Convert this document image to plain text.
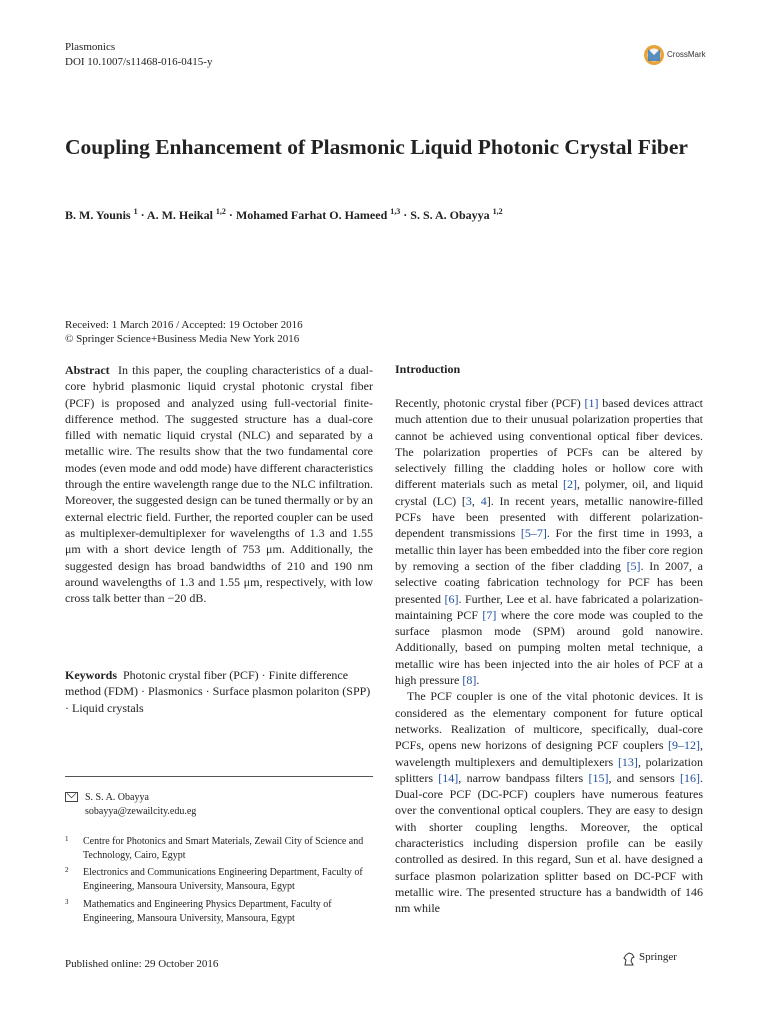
Plasmonics
DOI 10.1007/s11468-016-0415-y
CrossMark
Coupling Enhancement of Plasmonic Liquid Photonic Crystal Fiber
B. M. Younis $^1$ · A. M. Heikal $^{1,2}$ · Mohamed Farhat O. Hameed $^{1,3}$ · S. S. A. Obayya $^{1,2}$
Received: 1 March 2016 / Accepted: 19 October 2016
© Springer Science+Business Media New York 2016
Abstract In this paper, the coupling characteristics of a dual-core hybrid plasmonic liquid crystal photonic crystal fiber (PCF) is proposed and analyzed using full-vectorial finite-difference method. The suggested structure has a dual-core filled with nematic liquid crystal (NLC) and separated by a metallic wire. The results show that the two fundamental core modes (even mode and odd mode) have different characteristics through the entire wavelength range due to the NLC infiltration. Moreover, the suggested design can be tuned thermally or by an external electric field. Further, the reported coupler can be used as multiplexer-demultiplexer for wavelengths of 1.3 and 1.55 μm with a short device length of 753 μm. Additionally, the suggested design has broad bandwidths of 210 and 190 nm around wavelengths of 1.3 and 1.55 μm, respectively, with low cross talk better than −20 dB.
Keywords Photonic crystal fiber (PCF) · Finite difference method (FDM) · Plasmonics · Surface plasmon polariton (SPP) · Liquid crystals
S. S. A. Obayya
sobayya@zewailcity.edu.eg
1 Centre for Photonics and Smart Materials, Zewail City of Science and Technology, Cairo, Egypt
2 Electronics and Communications Engineering Department, Faculty of Engineering, Mansoura University, Mansoura, Egypt
3 Mathematics and Engineering Physics Department, Faculty of Engineering, Mansoura University, Mansoura, Egypt
Published online: 29 October 2016
Springer
Introduction

Recently, photonic crystal fiber (PCF) [1] based devices attract much attention due to their unusual polarization properties that cannot be achieved using conventional optical fiber devices. The polarization properties of PCFs can be altered by selectively filling the cladding holes or hollow core with different materials such as metal [2], polymer, oil, and liquid crystal (LC) [3, 4]. In recent years, metallic nanowire-filled PCFs have been presented with different polarization-dependent transmissions [5–7]. For the first time in 1993, a metallic thin layer has been embedded into the fiber core region by removing a section of the fiber cladding [5]. In 2007, a selective coating fabrication technology for PCF has been presented [6]. Further, Lee et al. have fabricated a polarization-maintaining PCF [7] where the core mode was coupled to the surface plasmon mode (SPM) around gold nanowire. Additionally, based on pumping molten metal technique, a metallic wire has been injected into the air holes of PCF at a high pressure [8].

The PCF coupler is one of the vital photonic devices. It is considered as the elementary component for future optical networks. Realization of multicore, specifically, dual-core PCFs, opens new horizons of designing PCF couplers [9–12], wavelength multiplexers and demultiplexers [13], polarization splitters [14], narrow bandpass filters [15], and sensors [16]. Dual-core PCF (DC-PCF) couplers have numerous features over the conventional optical couplers. They are easy to design with shorter coupling lengths. Moreover, the optical characteristics including dispersion profile can be easily controlled as desired. In this regard, Sun et al. have designed a surface plasmon polarization splitter based on DC-PCF with metallic wire. The presented structure has a bandwidth of 146 nm while
